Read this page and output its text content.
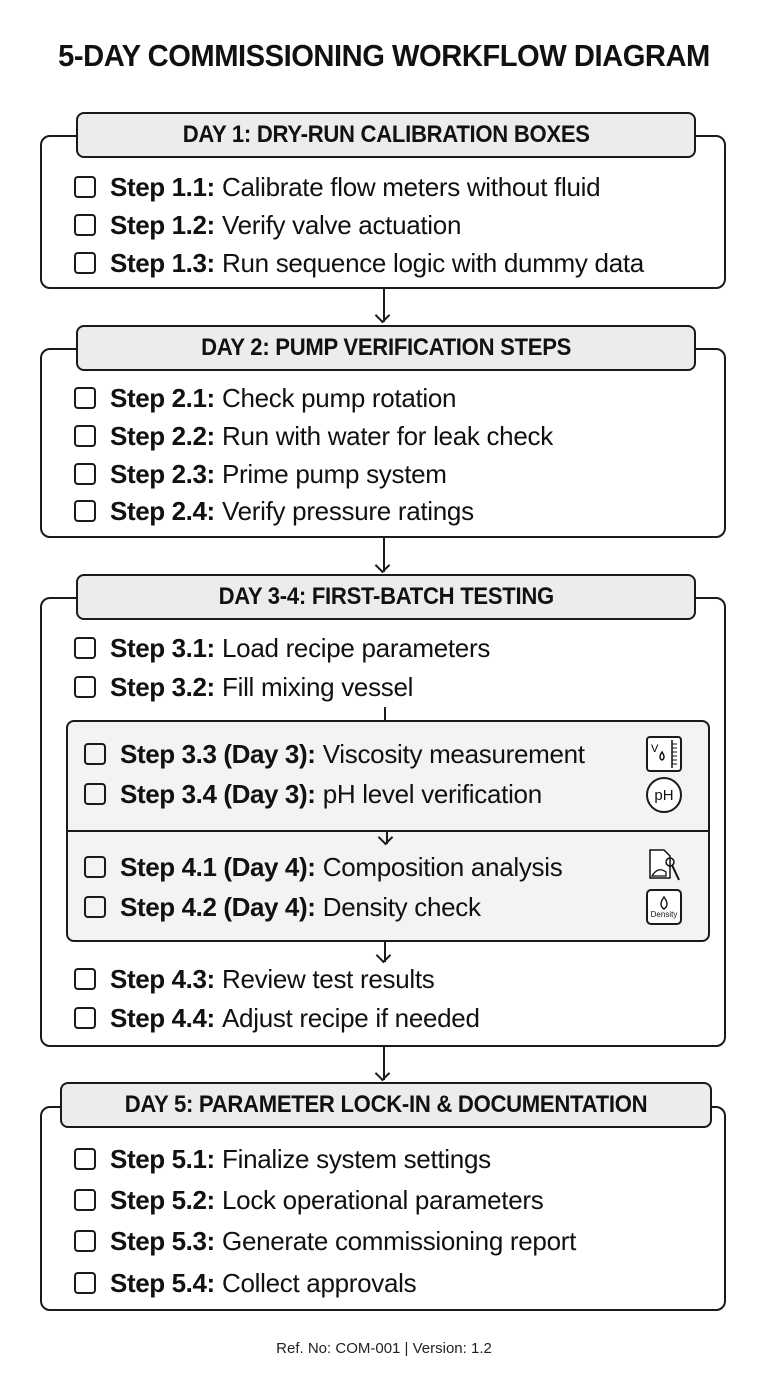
5-DAY COMMISSIONING WORKFLOW DIAGRAM
DAY 1: DRY-RUN CALIBRATION BOXES
Step 1.1:
Calibrate flow meters without fluid
Step 1.2:
Verify valve actuation
Step 1.3:
Run sequence logic with dummy data
DAY 2: PUMP VERIFICATION STEPS
Step 2.1:
Check pump rotation
Step 2.2:
Run with water for leak check
Step 2.3:
Prime pump system
Step 2.4:
Verify pressure ratings
DAY 3-4: FIRST-BATCH TESTING
Step 3.1:
Load recipe parameters
Step 3.2:
Fill mixing vessel
Step 3.3 (Day 3):
Viscosity measurement	V
Step 3.4 (Day 3):
pH level verification	pH
Step 4.1 (Day 4):
Composition analysis
Step 4.2 (Day 4):
Density check	Density
Step 4.3:
Review test results
Step 4.4:
Adjust recipe if needed
DAY 5: PARAMETER LOCK-IN & DOCUMENTATION
Step 5.1:
Finalize system settings
Step 5.2:
Lock operational parameters
Step 5.3:
Generate commissioning report
Step 5.4:
Collect approvals
Ref. No: COM-001 | Version: 1.2
